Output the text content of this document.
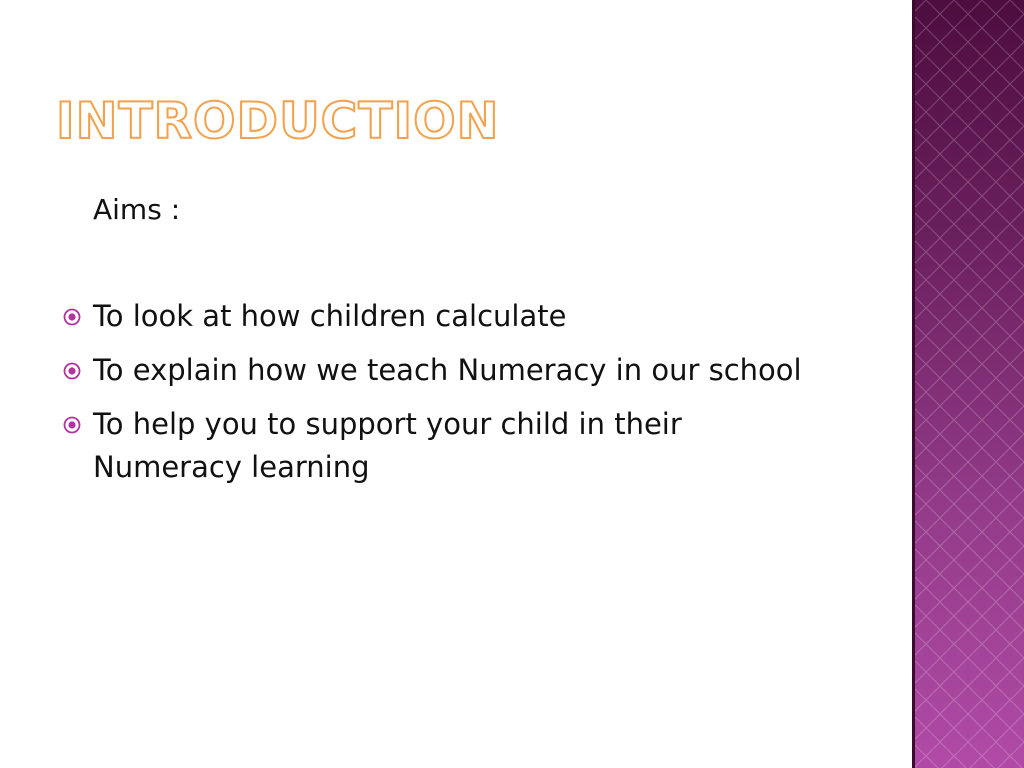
INTRODUCTION
Aims :
To look at how children calculate
To explain how we teach Numeracy in our school
To help you to support your child in their Numeracy learning
